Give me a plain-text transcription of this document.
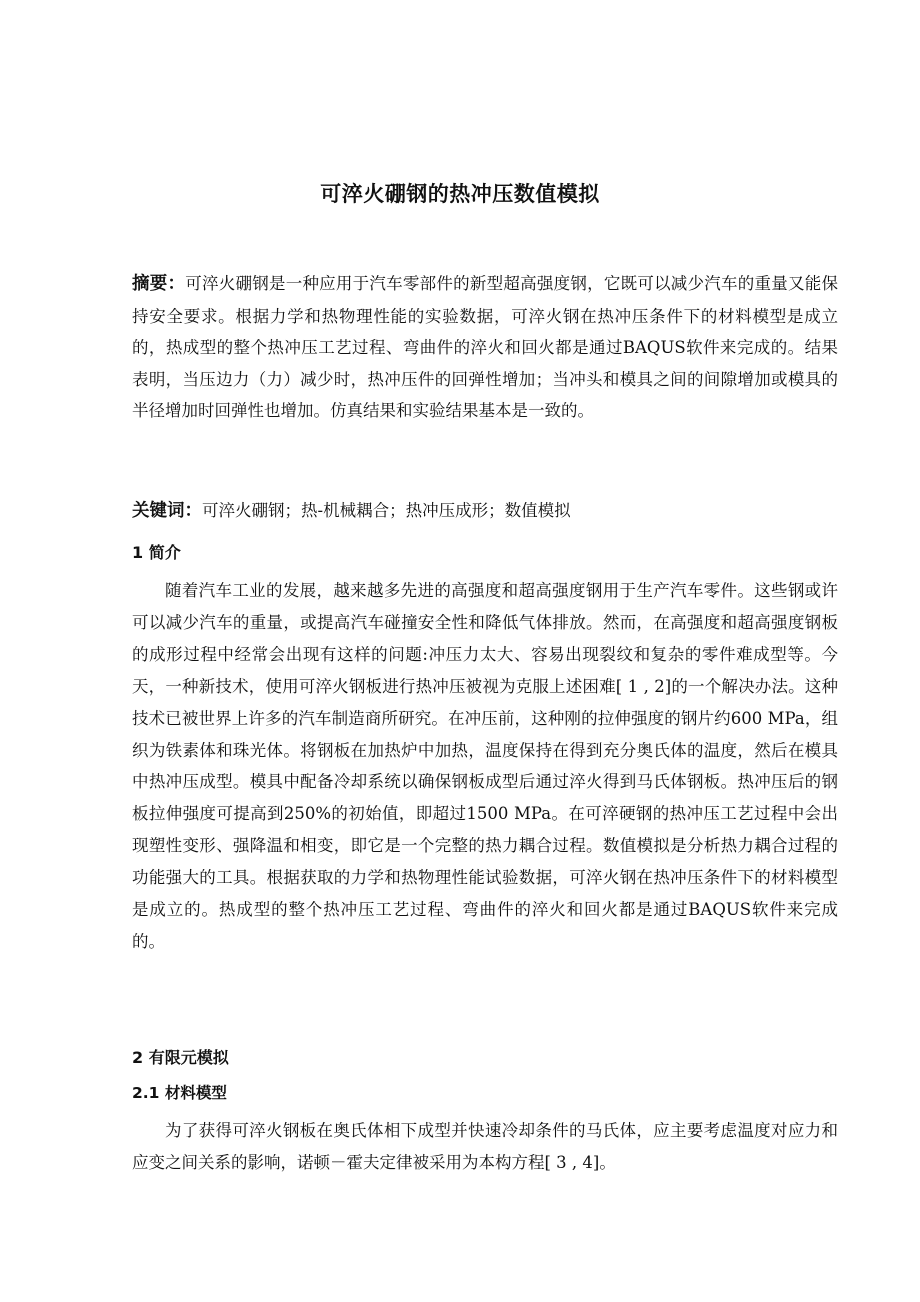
可淬火硼钢的热冲压数值模拟

摘要：可淬火硼钢是一种应用于汽车零部件的新型超高强度钢，它既可以减少汽车的重量又能保持安全要求。根据力学和热物理性能的实验数据，可淬火钢在热冲压条件下的材料模型是成立的，热成型的整个热冲压工艺过程、弯曲件的淬火和回火都是通过BAQUS软件来完成的。结果表明，当压边力（力）减少时，热冲压件的回弹性增加；当冲头和模具之间的间隙增加或模具的半径增加时回弹性也增加。仿真结果和实验结果基本是一致的。

关键词：可淬火硼钢；热-机械耦合；热冲压成形；数值模拟

1 简介

随着汽车工业的发展，越来越多先进的高强度和超高强度钢用于生产汽车零件。这些钢或许可以减少汽车的重量，或提高汽车碰撞安全性和降低气体排放。然而，在高强度和超高强度钢板的成形过程中经常会出现有这样的问题:冲压力太大、容易出现裂纹和复杂的零件难成型等。今天，一种新技术，使用可淬火钢板进行热冲压被视为克服上述困难[ 1 , 2]的一个解决办法。这种技术已被世界上许多的汽车制造商所研究。在冲压前，这种刚的拉伸强度的钢片约600 MPa，组织为铁素体和珠光体。将钢板在加热炉中加热，温度保持在得到充分奥氏体的温度，然后在模具中热冲压成型。模具中配备冷却系统以确保钢板成型后通过淬火得到马氏体钢板。热冲压后的钢板拉伸强度可提高到250%的初始值，即超过1500 MPa。在可淬硬钢的热冲压工艺过程中会出现塑性变形、强降温和相变，即它是一个完整的热力耦合过程。数值模拟是分析热力耦合过程的功能强大的工具。根据获取的力学和热物理性能试验数据，可淬火钢在热冲压条件下的材料模型是成立的。热成型的整个热冲压工艺过程、弯曲件的淬火和回火都是通过BAQUS软件来完成的。

2 有限元模拟
2.1 材料模型

为了获得可淬火钢板在奥氏体相下成型并快速冷却条件的马氏体，应主要考虑温度对应力和应变之间关系的影响，诺顿－霍夫定律被采用为本构方程[ 3 , 4]。
